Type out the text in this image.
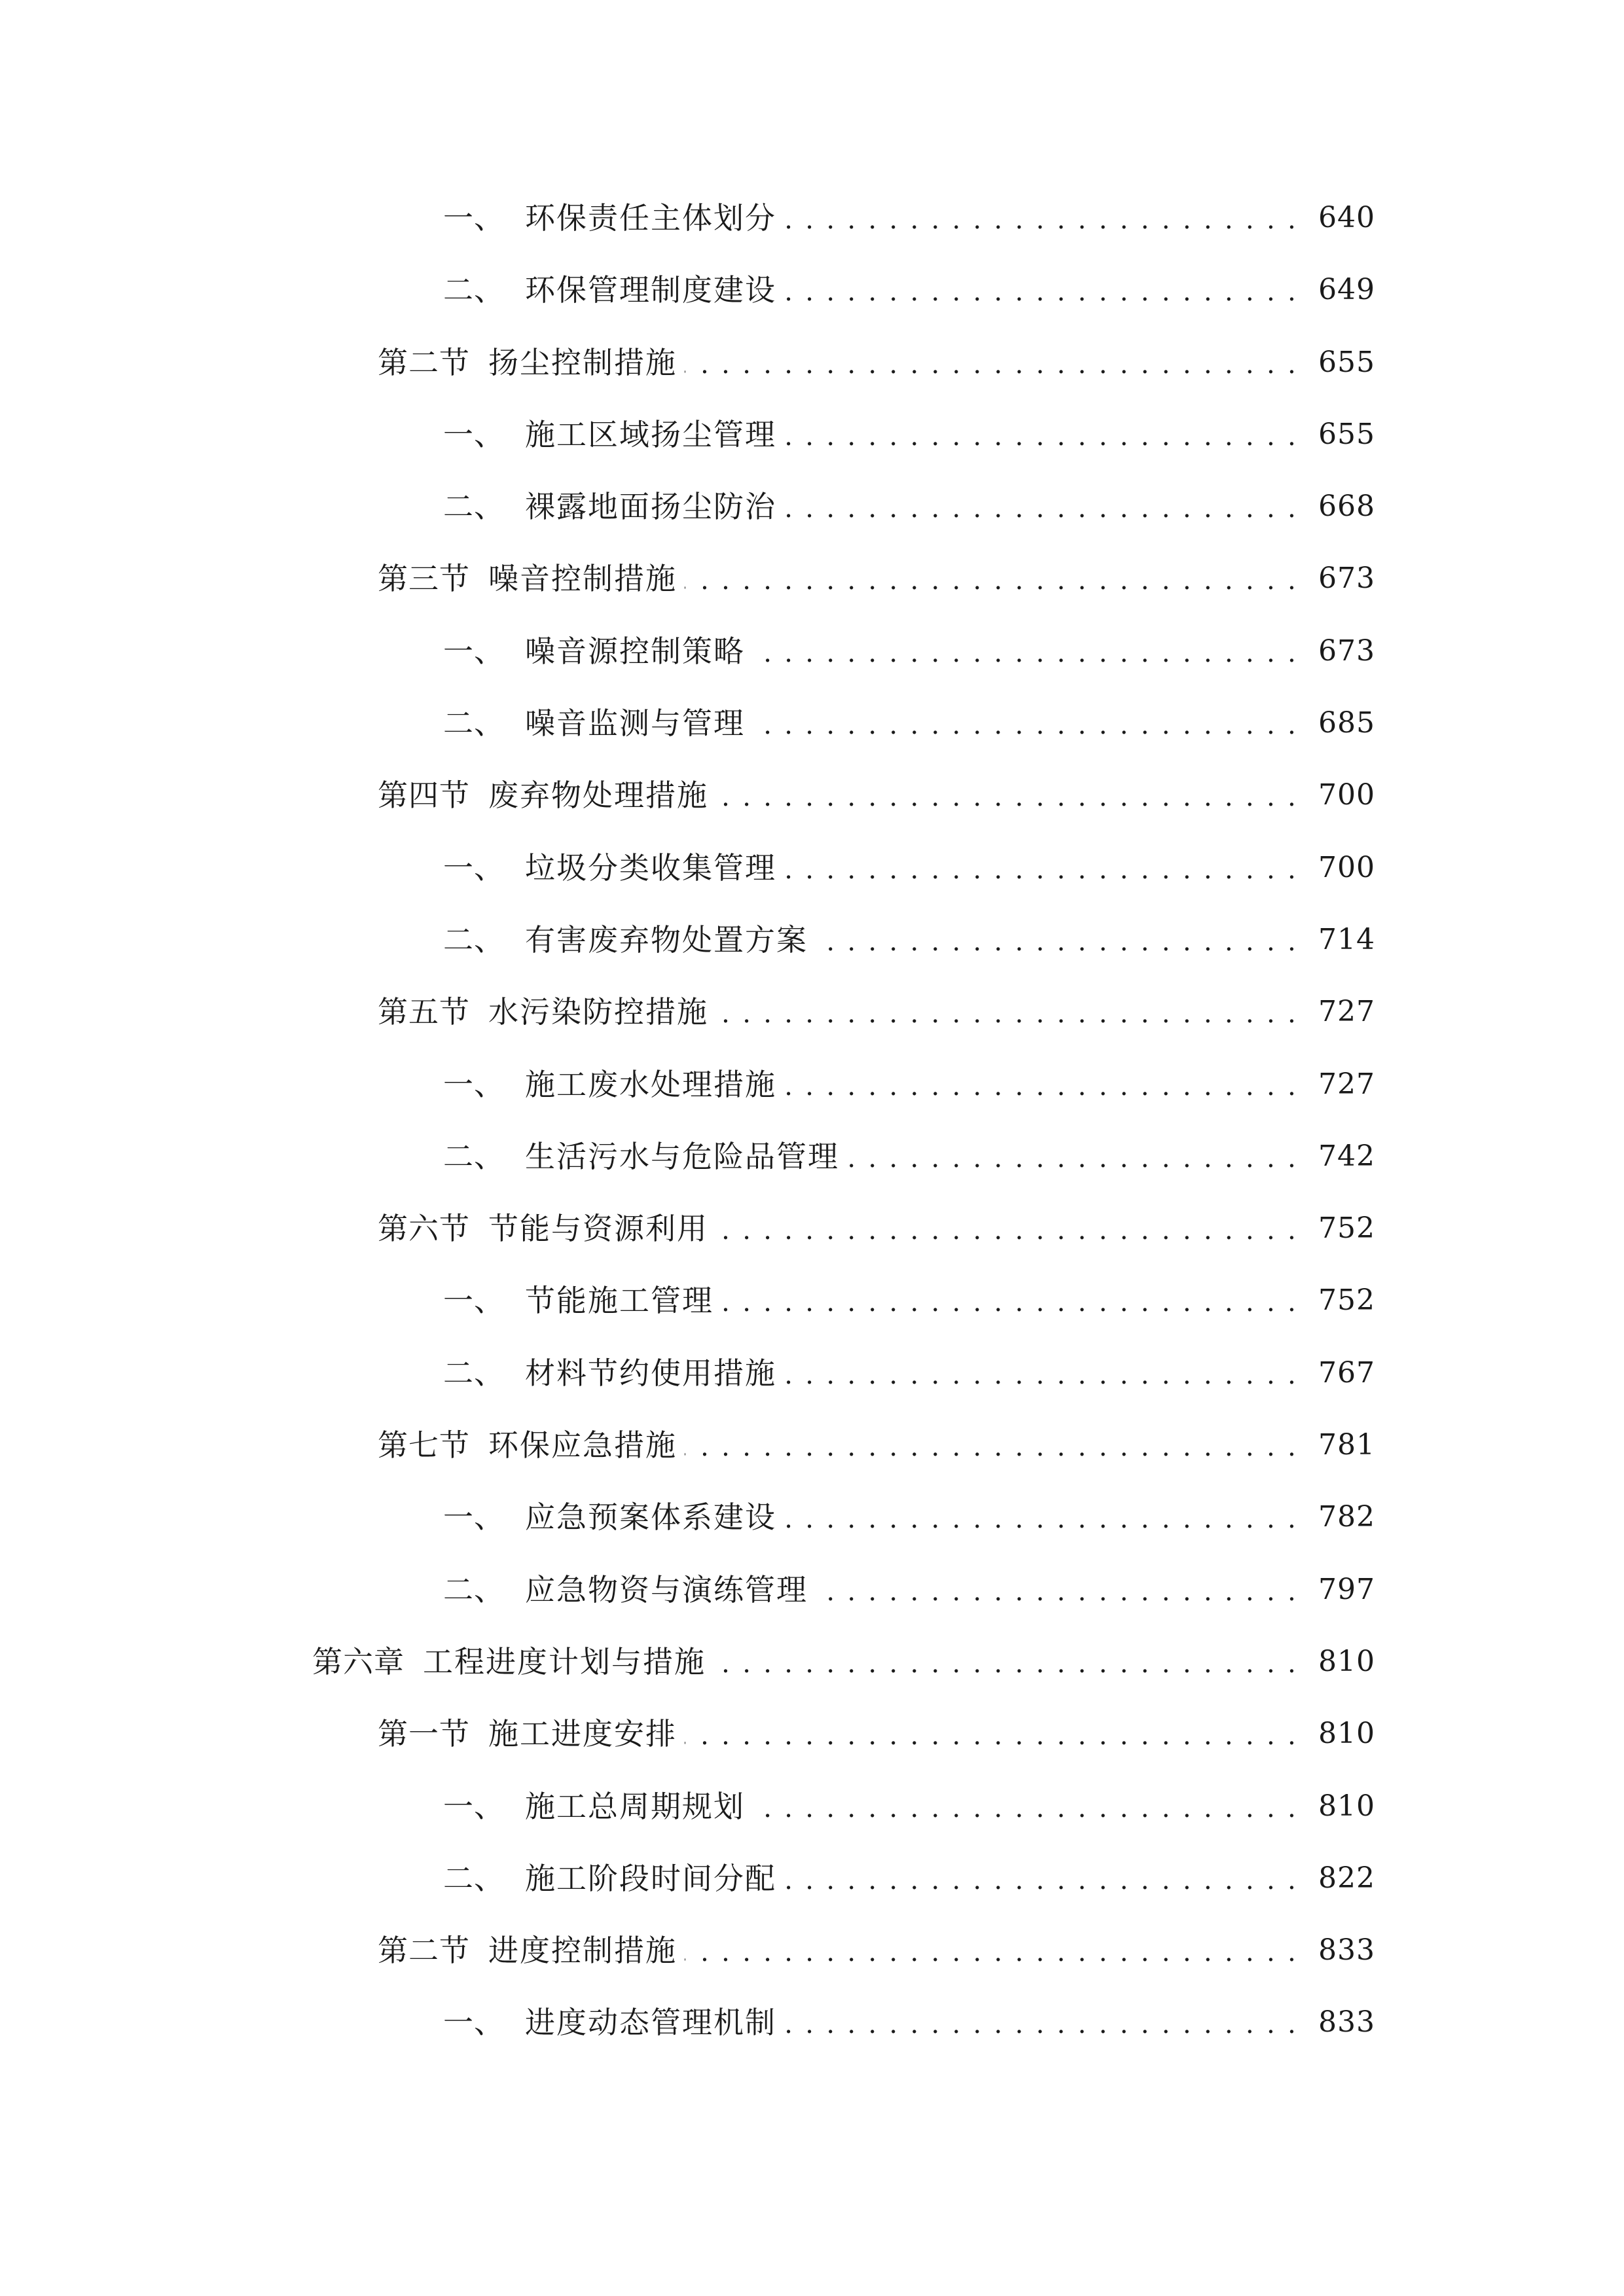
一、 环保责任主体划分 . . .	640
二、 环保管理制度建设 . . .	649
第二节 扬尘控制措施 . . .	655
一、 施工区域扬尘管理 . . .	655
二、 裸露地面扬尘防治 . . .	668
第三节 噪音控制措施 . . .	673
一、 噪音源控制策略 . . .	673
二、 噪音监测与管理 . . .	685
第四节 废弃物处理措施 . . .	700
一、 垃圾分类收集管理 . . .	700
二、 有害废弃物处置方案 . . .	714
第五节 水污染防控措施 . . .	727
一、 施工废水处理措施 . . .	727
二、 生活污水与危险品管理 . . .	742
第六节 节能与资源利用 . . .	752
一、 节能施工管理 . . .	752
二、 材料节约使用措施 . . .	767
第七节 环保应急措施 . . .	781
一、 应急预案体系建设 . . .	782
二、 应急物资与演练管理 . . .	797
第六章 工程进度计划与措施 . . .	810
第一节 施工进度安排 . . .	810
一、 施工总周期规划 . . .	810
二、 施工阶段时间分配 . . .	822
第二节 进度控制措施 . . .	833
一、 进度动态管理机制 . . .	833
